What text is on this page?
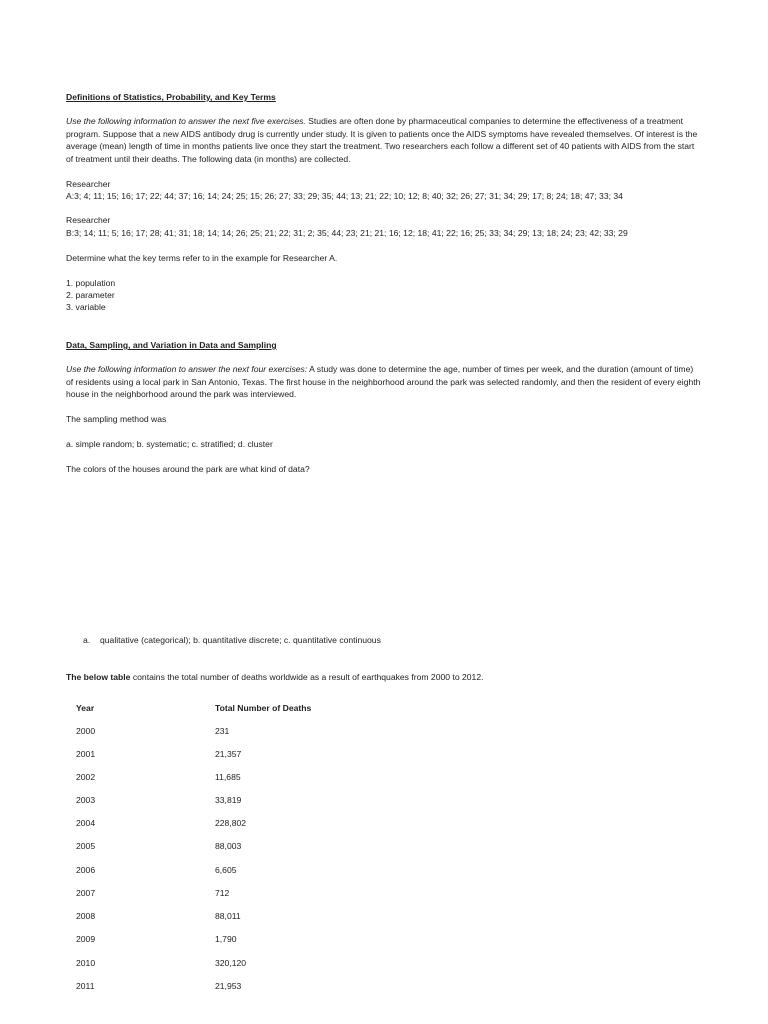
Definitions of Statistics, Probability, and Key Terms

Use the following information to answer the next five exercises. Studies are often done by pharmaceutical companies to determine the effectiveness of a treatment program. Suppose that a new AIDS antibody drug is currently under study. It is given to patients once the AIDS symptoms have revealed themselves. Of interest is the average (mean) length of time in months patients live once they start the treatment. Two researchers each follow a different set of 40 patients with AIDS from the start of treatment until their deaths. The following data (in months) are collected.

Researcher

A:3; 4; 11; 15; 16; 17; 22; 44; 37; 16; 14; 24; 25; 15; 26; 27; 33; 29; 35; 44; 13; 21; 22; 10; 12; 8; 40; 32; 26; 27; 31; 34; 29; 17; 8; 24; 18; 47; 33; 34

Researcher

B:3; 14; 11; 5; 16; 17; 28; 41; 31; 18; 14; 14; 26; 25; 21; 22; 31; 2; 35; 44; 23; 21; 21; 16; 12; 18; 41; 22; 16; 25; 33; 34; 29; 13; 18; 24; 23; 42; 33; 29

Determine what the key terms refer to in the example for Researcher A.

1. population

2. parameter

3. variable

Data, Sampling, and Variation in Data and Sampling

Use the following information to answer the next four exercises: A study was done to determine the age, number of times per week, and the duration (amount of time) of residents using a local park in San Antonio, Texas. The first house in the neighborhood around the park was selected randomly, and then the resident of every eighth house in the neighborhood around the park was interviewed.

The sampling method was

a. simple random; b. systematic; c. stratified; d. cluster

The colors of the houses around the park are what kind of data?

a. qualitative (categorical); b. quantitative discrete; c. quantitative continuous

The below table contains the total number of deaths worldwide as a result of earthquakes from 2000 to 2012.

Year	Total Number of Deaths
2000	231
2001	21,357
2002	11,685
2003	33,819
2004	228,802
2005	88,003
2006	6,605
2007	712
2008	88,011
2009	1,790
2010	320,120
2011	21,953
